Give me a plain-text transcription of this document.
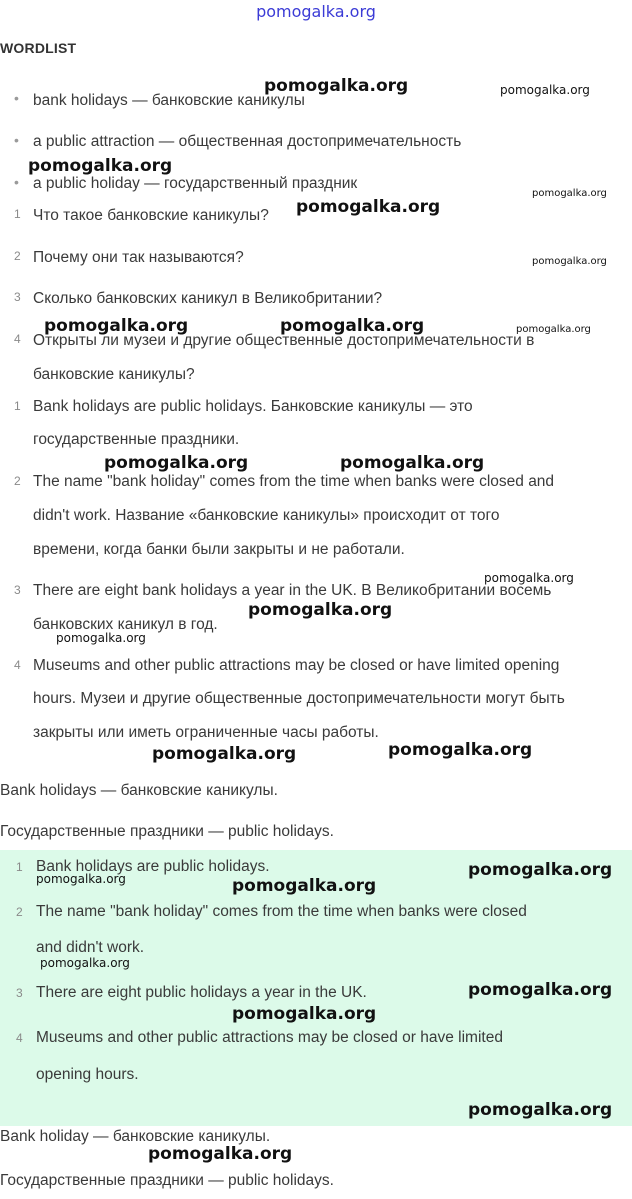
pomogalka.org
WORDLIST
• bank holidays — банковские каникулы
• a public attraction — общественная достопримечательность
• a public holiday — государственный праздник
1 Что такое банковские каникулы?
2 Почему они так называются?
3 Сколько банковских каникул в Великобритании?
4 Открыты ли музеи и другие общественные достопримечательности в
банковские каникулы?
1 Bank holidays are public holidays. Банковские каникулы — это
государственные праздники.
2 The name "bank holiday" comes from the time when banks were closed and
didn't work. Название «банковские каникулы» происходит от того
времени, когда банки были закрыты и не работали.
3 There are eight bank holidays a year in the UK. В Великобритании восемь
банковских каникул в год.
4 Museums and other public attractions may be closed or have limited opening
hours. Музеи и другие общественные достопримечательности могут быть
закрыты или иметь ограниченные часы работы.
Bank holidays — банковские каникулы.
Государственные праздники — public holidays.
1 Bank holidays are public holidays.
2 The name "bank holiday" comes from the time when banks were closed
and didn't work.
3 There are eight public holidays a year in the UK.
4 Museums and other public attractions may be closed or have limited
opening hours.
Bank holiday — банковские каникулы.
Государственные праздники — public holidays.
pomogalka.org	pomogalka.org
pomogalka.org
pomogalka.org
pomogalka.org
pomogalka.org
pomogalka.org	pomogalka.org	pomogalka.org
pomogalka.org	pomogalka.org
pomogalka.org
pomogalka.org
pomogalka.org
pomogalka.org	pomogalka.org
pomogalka.org
pomogalka.org	pomogalka.org
pomogalka.org
pomogalka.org
pomogalka.org
pomogalka.org
pomogalka.org
